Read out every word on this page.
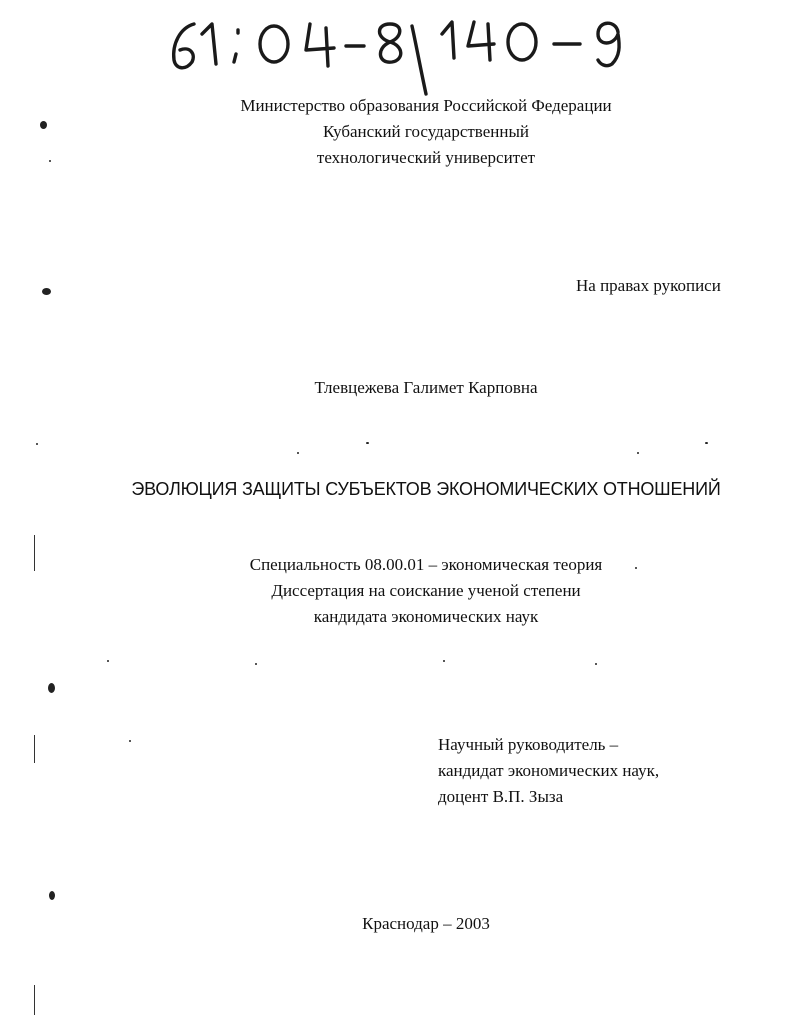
Министерство образования Российской Федерации
Кубанский государственный
технологический университет
На правах рукописи
Тлевцежева Галимет Карповна
ЭВОЛЮЦИЯ ЗАЩИТЫ СУБЪЕКТОВ ЭКОНОМИЧЕСКИХ ОТНОШЕНИЙ
Специальность 08.00.01 – экономическая теория
Диссертация на соискание ученой степени
кандидата экономических наук
Научный руководитель –
кандидат экономических наук,
доцент В.П. Зыза
Краснодар – 2003
